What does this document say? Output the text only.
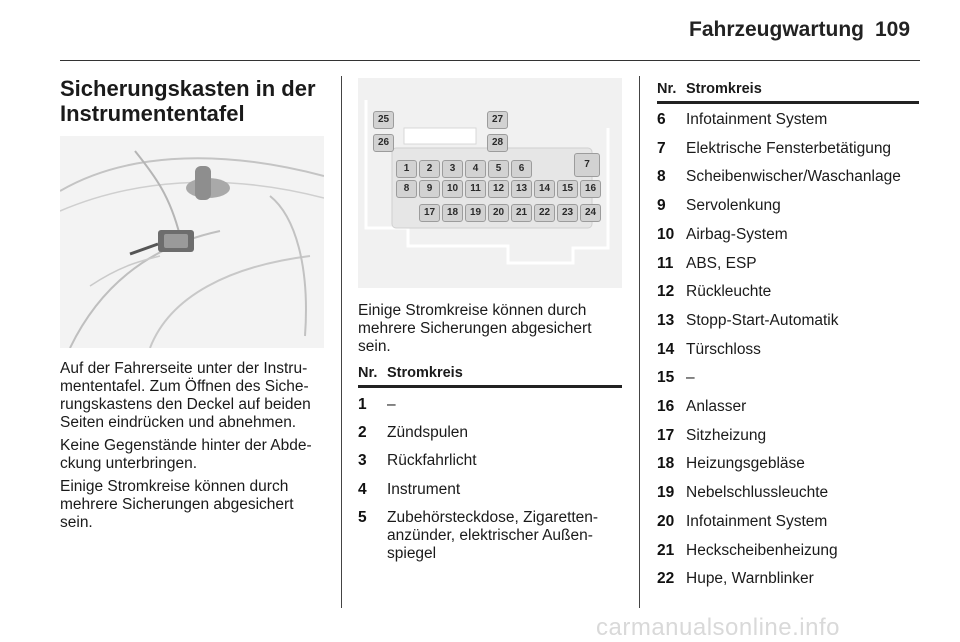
Fahrzeugwartung 109
Sicherungskasten in der Instrumententafel

Auf der Fahrerseite unter der Instru-mententafel. Zum Öffnen des Siche-rungskastens den Deckel auf beiden Seiten eindrücken und abnehmen.

Keine Gegenstände hinter der Abde-ckung unterbringen.

Einige Stromkreise können durch mehrere Sicherungen abgesichert sein.

25
26
27
28
1	2	3	4	5	6	7
8	9	10	11	12	13	14	15	16
17	18	19	20	21	22	23	24

Einige Stromkreise können durch mehrere Sicherungen abgesichert sein.

Nr. Stromkreis
1 –
2 Zündspulen
3 Rückfahrlicht
4 Instrument
5 Zubehörsteckdose, Zigaretten-anzünder, elektrischer Außen-spiegel
Nr. Stromkreis
6 Infotainment System
7 Elektrische Fensterbetätigung
8 Scheibenwischer/Waschanlage
9 Servolenkung
10 Airbag-System
11 ABS, ESP
12 Rückleuchte
13 Stopp-Start-Automatik
14 Türschloss
15 –
16 Anlasser
17 Sitzheizung
18 Heizungsgebläse
19 Nebelschlussleuchte
20 Infotainment System
21 Heckscheibenheizung
22 Hupe, Warnblinker
carmanualsonline.info
